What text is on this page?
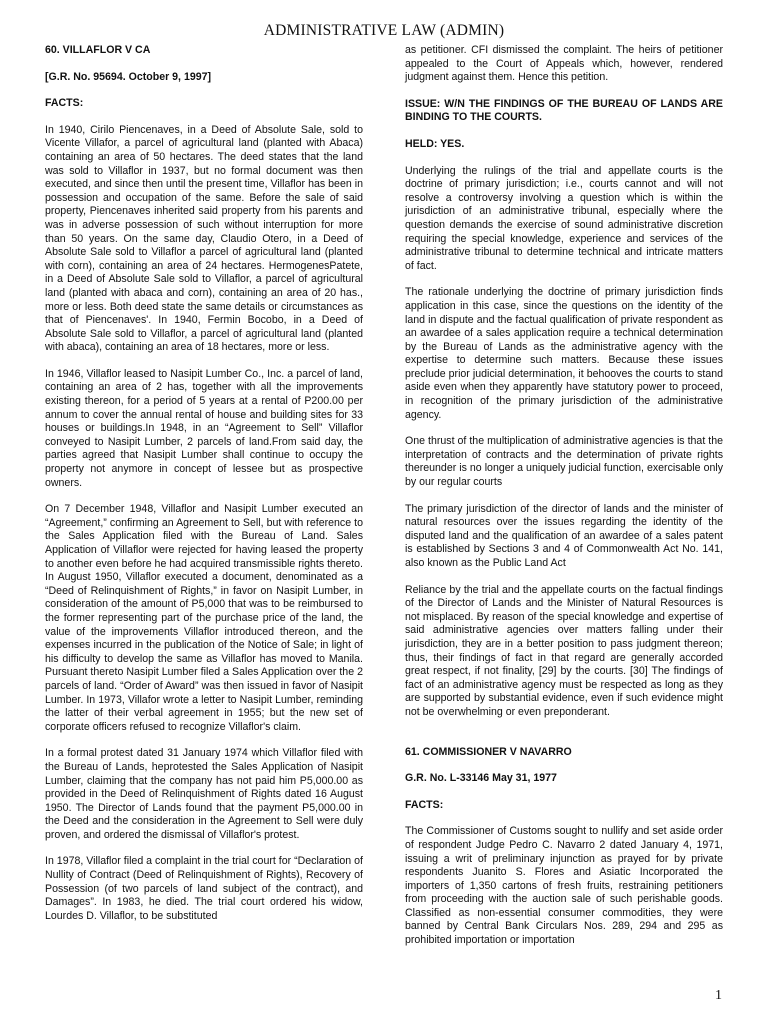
ADMINISTRATIVE LAW (ADMIN)

60. VILLAFLOR V CA

[G.R. No. 95694. October 9, 1997]

FACTS:

In 1940, Cirilo Piencenaves, in a Deed of Absolute Sale, sold to Vicente Villafor, a parcel of agricultural land (planted with Abaca) containing an area of 50 hectares. The deed states that the land was sold to Villaflor in 1937, but no formal document was then executed, and since then until the present time, Villaflor has been in possession and occupation of the same. Before the sale of said property, Piencenaves inherited said property from his parents and was in adverse possession of such without interruption for more than 50 years. On the same day, Claudio Otero, in a Deed of Absolute Sale sold to Villaflor a parcel of agricultural land (planted with corn), containing an area of 24 hectares. HermogenesPatete, in a Deed of Absolute Sale sold to Villaflor, a parcel of agricultural land (planted with abaca and corn), containing an area of 20 has., more or less. Both deed state the same details or circumstances as that of Piencenaves'. In 1940, Fermin Bocobo, in a Deed of Absolute Sale sold to Villaflor, a parcel of agricultural land (planted with abaca), containing an area of 18 hectares, more or less.

In 1946, Villaflor leased to Nasipit Lumber Co., Inc. a parcel of land, containing an area of 2 has, together with all the improvements existing thereon, for a period of 5 years at a rental of P200.00 per annum to cover the annual rental of house and building sites for 33 houses or buildings.In 1948, in an “Agreement to Sell” Villaflor conveyed to Nasipit Lumber, 2 parcels of land.From said day, the parties agreed that Nasipit Lumber shall continue to occupy the property not anymore in concept of lessee but as prospective owners.

On 7 December 1948, Villaflor and Nasipit Lumber executed an “Agreement,” confirming an Agreement to Sell, but with reference to the Sales Application filed with the Bureau of Land. Sales Application of Villaflor were rejected for having leased the property to another even before he had acquired transmissible rights thereto. In August 1950, Villaflor executed a document, denominated as a “Deed of Relinquishment of Rights,” in favor on Nasipit Lumber, in consideration of the amount of P5,000 that was to be reimbursed to the former representing part of the purchase price of the land, the value of the improvements Villaflor introduced thereon, and the expenses incurred in the publication of the Notice of Sale; in light of his difficulty to develop the same as Villaflor has moved to Manila. Pursuant thereto Nasipit Lumber filed a Sales Application over the 2 parcels of land. “Order of Award” was then issued in favor of Nasipit Lumber. In 1973, Villafor wrote a letter to Nasipit Lumber, reminding the latter of their verbal agreement in 1955; but the new set of corporate officers refused to recognize Villaflor's claim.

In a formal protest dated 31 January 1974 which Villaflor filed with the Bureau of Lands, heprotested the Sales Application of Nasipit Lumber, claiming that the company has not paid him P5,000.00 as provided in the Deed of Relinquishment of Rights dated 16 August 1950. The Director of Lands found that the payment P5,000.00 in the Deed and the consideration in the Agreement to Sell were duly proven, and ordered the dismissal of Villaflor's protest.

In 1978, Villaflor filed a complaint in the trial court for “Declaration of Nullity of Contract (Deed of Relinquishment of Rights), Recovery of Possession (of two parcels of land subject of the contract), and Damages”. In 1983, he died. The trial court ordered his widow, Lourdes D. Villaflor, to be substituted

as petitioner. CFI dismissed the complaint. The heirs of petitioner appealed to the Court of Appeals which, however, rendered judgment against them. Hence this petition.

ISSUE: W/N THE FINDINGS OF THE BUREAU OF LANDS ARE BINDING TO THE COURTS.

HELD: YES.

Underlying the rulings of the trial and appellate courts is the doctrine of primary jurisdiction; i.e., courts cannot and will not resolve a controversy involving a question which is within the jurisdiction of an administrative tribunal, especially where the question demands the exercise of sound administrative discretion requiring the special knowledge, experience and services of the administrative tribunal to determine technical and intricate matters of fact.

The rationale underlying the doctrine of primary jurisdiction finds application in this case, since the questions on the identity of the land in dispute and the factual qualification of private respondent as an awardee of a sales application require a technical determination by the Bureau of Lands as the administrative agency with the expertise to determine such matters. Because these issues preclude prior judicial determination, it behooves the courts to stand aside even when they apparently have statutory power to proceed, in recognition of the primary jurisdiction of the administrative agency.

One thrust of the multiplication of administrative agencies is that the interpretation of contracts and the determination of private rights thereunder is no longer a uniquely judicial function, exercisable only by our regular courts

The primary jurisdiction of the director of lands and the minister of natural resources over the issues regarding the identity of the disputed land and the qualification of an awardee of a sales patent is established by Sections 3 and 4 of Commonwealth Act No. 141, also known as the Public Land Act

Reliance by the trial and the appellate courts on the factual findings of the Director of Lands and the Minister of Natural Resources is not misplaced. By reason of the special knowledge and expertise of said administrative agencies over matters falling under their jurisdiction, they are in a better position to pass judgment thereon; thus, their findings of fact in that regard are generally accorded great respect, if not finality, [29] by the courts. [30] The findings of fact of an administrative agency must be respected as long as they are supported by substantial evidence, even if such evidence might not be overwhelming or even preponderant.

61. COMMISSIONER V NAVARRO

G.R. No. L-33146 May 31, 1977

FACTS:

The Commissioner of Customs sought to nullify and set aside order of respondent Judge Pedro C. Navarro 2 dated January 4, 1971, issuing a writ of preliminary injunction as prayed for by private respondents Juanito S. Flores and Asiatic Incorporated the importers of 1,350 cartons of fresh fruits, restraining petitioners from proceeding with the auction sale of such perishable goods. Classified as non-essential consumer commodities, they were banned by Central Bank Circulars Nos. 289, 294 and 295 as prohibited importation or importation

1
